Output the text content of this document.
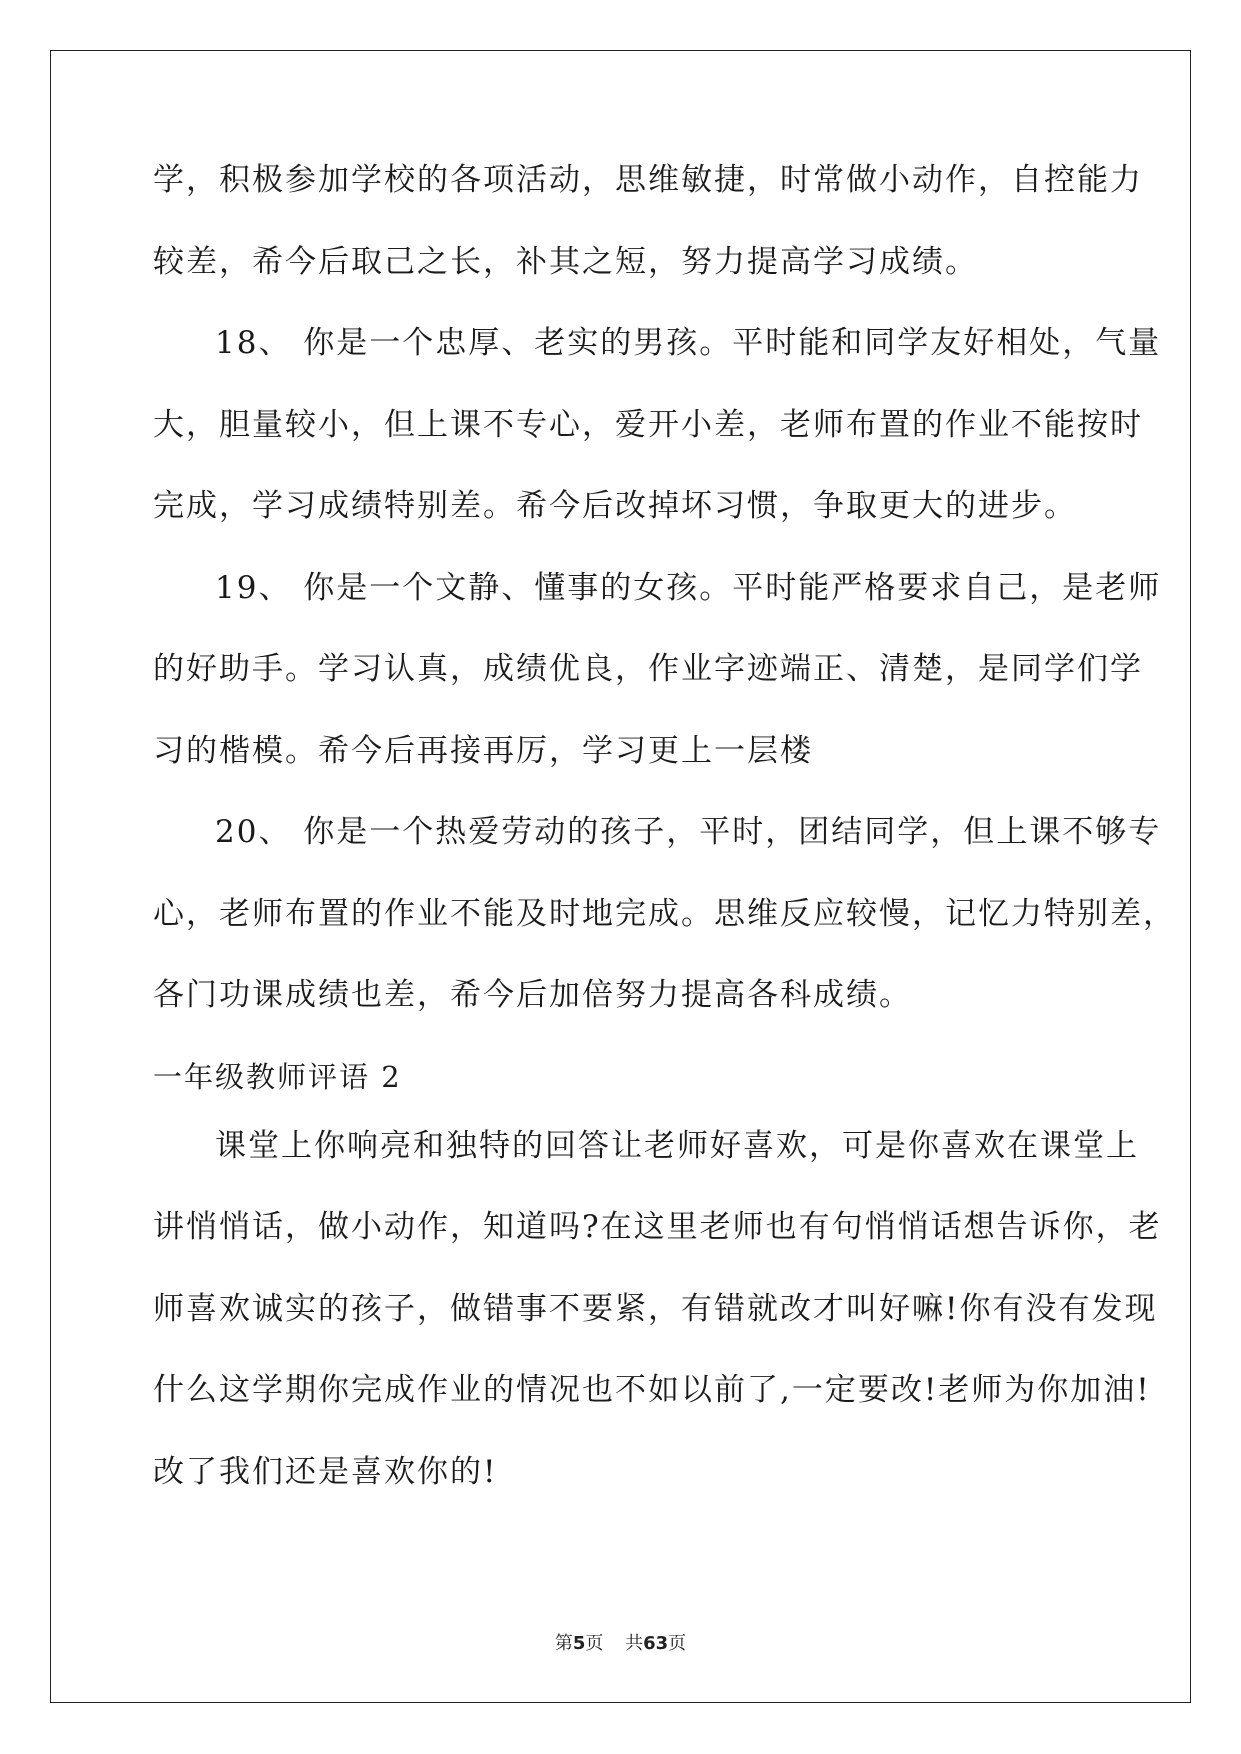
学，积极参加学校的各项活动，思维敏捷，时常做小动作，自控能力
较差，希今后取己之长，补其之短，努力提高学习成绩。
18、 你是一个忠厚、老实的男孩。平时能和同学友好相处，气量
大，胆量较小，但上课不专心，爱开小差，老师布置的作业不能按时
完成，学习成绩特别差。希今后改掉坏习惯，争取更大的进步。
19、 你是一个文静、懂事的女孩。平时能严格要求自己，是老师
的好助手。学习认真，成绩优良，作业字迹端正、清楚，是同学们学
习的楷模。希今后再接再厉，学习更上一层楼
20、 你是一个热爱劳动的孩子，平时，团结同学，但上课不够专
心，老师布置的作业不能及时地完成。思维反应较慢，记忆力特别差，
各门功课成绩也差，希今后加倍努力提高各科成绩。
一年级教师评语 2
课堂上你响亮和独特的回答让老师好喜欢，可是你喜欢在课堂上
讲悄悄话，做小动作，知道吗?在这里老师也有句悄悄话想告诉你，老
师喜欢诚实的孩子，做错事不要紧，有错就改才叫好嘛!你有没有发现
什么这学期你完成作业的情况也不如以前了,一定要改!老师为你加油!
改了我们还是喜欢你的!
第5页 共63页
